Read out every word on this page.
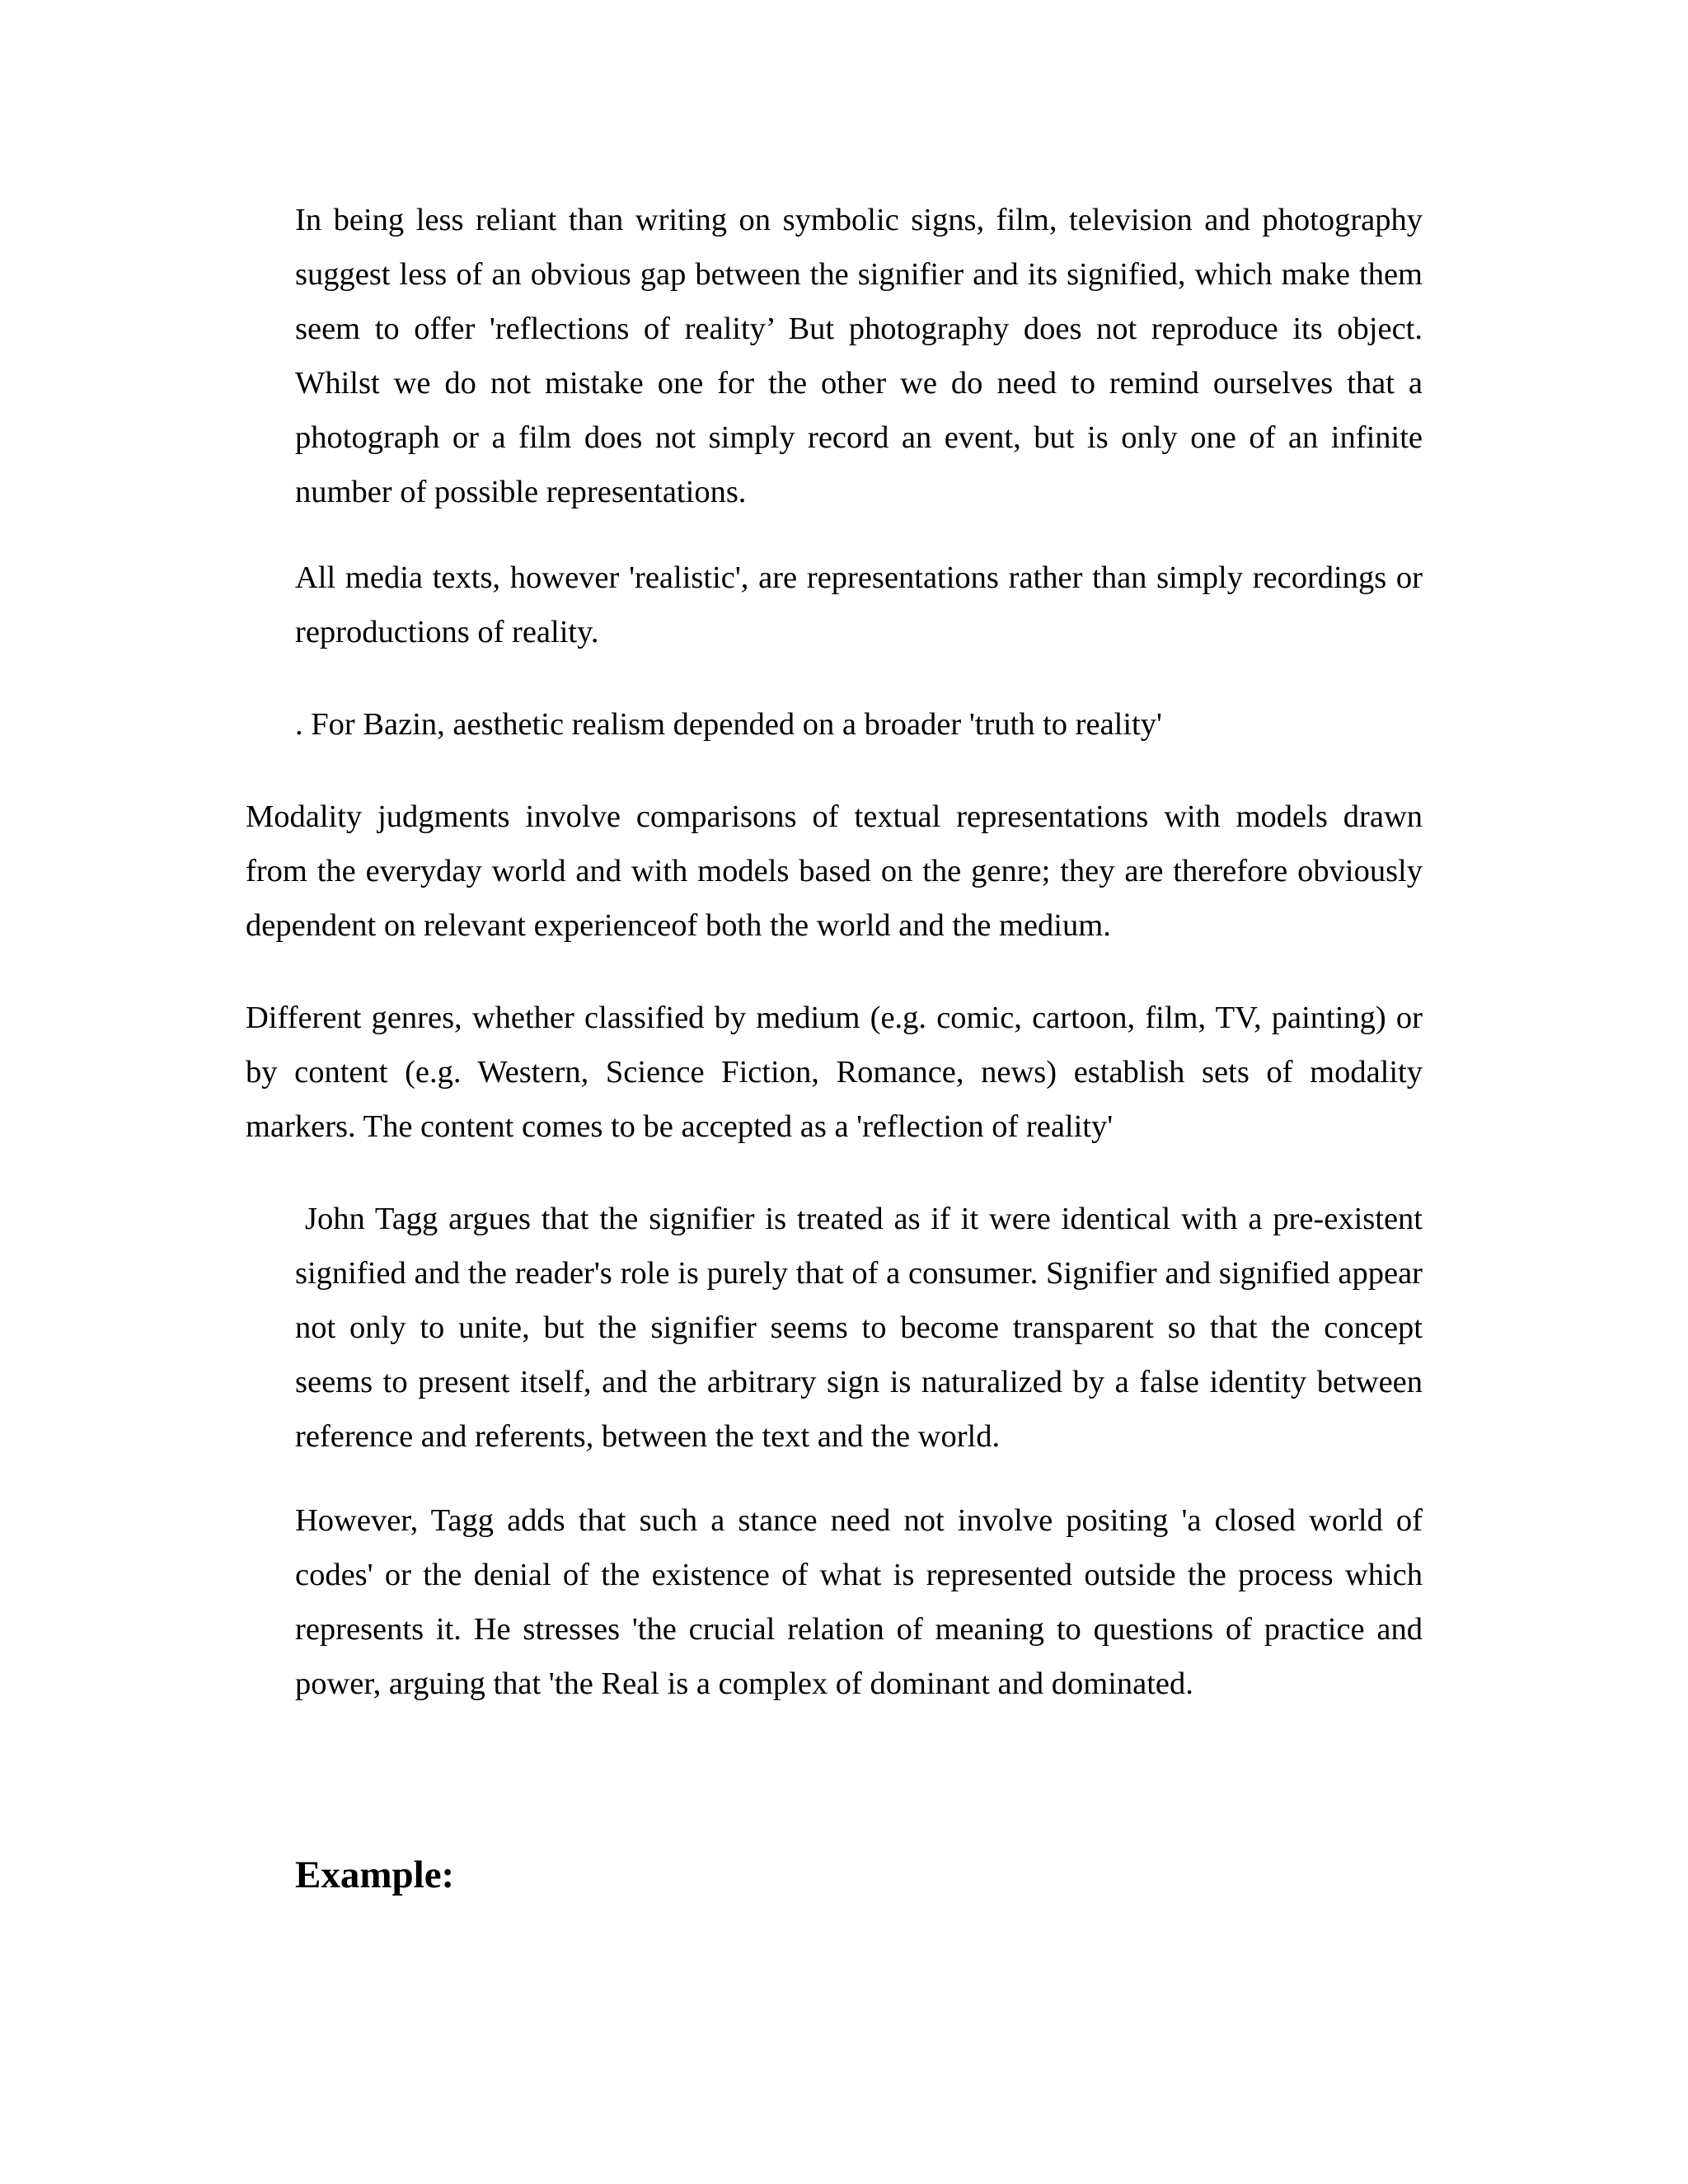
In being less reliant than writing on symbolic signs, film, television and photography suggest less of an obvious gap between the signifier and its signified, which make them seem to offer 'reflections of reality’ But photography does not reproduce its object. Whilst we do not mistake one for the other we do need to remind ourselves that a photograph or a film does not simply record an event, but is only one of an infinite number of possible representations.

All media texts, however 'realistic', are representations rather than simply recordings or reproductions of reality.

. For Bazin, aesthetic realism depended on a broader 'truth to reality'

Modality judgments involve comparisons of textual representations with models drawn from the everyday world and with models based on the genre; they are therefore obviously dependent on relevant experienceof both the world and the medium.

Different genres, whether classified by medium (e.g. comic, cartoon, film, TV, painting) or by content (e.g. Western, Science Fiction, Romance, news) establish sets of modality markers. The content comes to be accepted as a 'reflection of reality'

John Tagg argues that the signifier is treated as if it were identical with a pre-existent signified and the reader's role is purely that of a consumer. Signifier and signified appear not only to unite, but the signifier seems to become transparent so that the concept seems to present itself, and the arbitrary sign is naturalized by a false identity between reference and referents, between the text and the world.

However, Tagg adds that such a stance need not involve positing 'a closed world of codes' or the denial of the existence of what is represented outside the process which represents it. He stresses 'the crucial relation of meaning to questions of practice and power, arguing that 'the Real is a complex of dominant and dominated.

Example:
